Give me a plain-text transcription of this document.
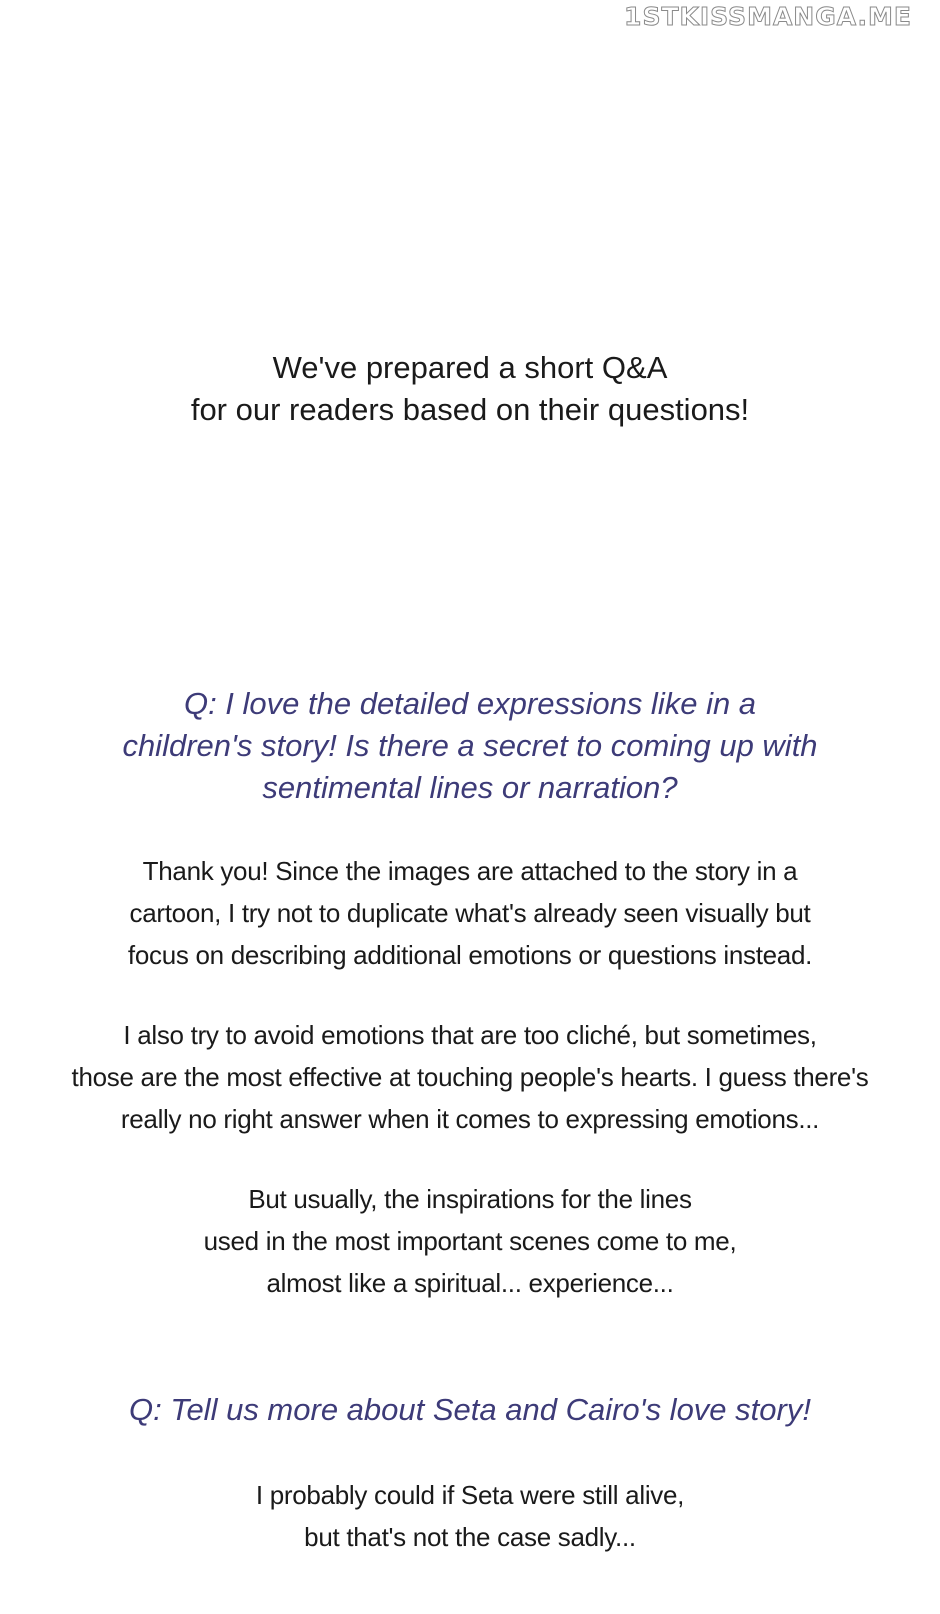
1STKISSMANGA.ME
We've prepared a short Q&A
for our readers based on their questions!
Q: I love the detailed expressions like in a
children's story! Is there a secret to coming up with
sentimental lines or narration?
Thank you! Since the images are attached to the story in a
cartoon, I try not to duplicate what's already seen visually but
focus on describing additional emotions or questions instead.
I also try to avoid emotions that are too cliché, but sometimes,
those are the most effective at touching people's hearts. I guess there's
really no right answer when it comes to expressing emotions...
But usually, the inspirations for the lines
used in the most important scenes come to me,
almost like a spiritual... experience...
Q: Tell us more about Seta and Cairo's love story!
I probably could if Seta were still alive,
but that's not the case sadly...
